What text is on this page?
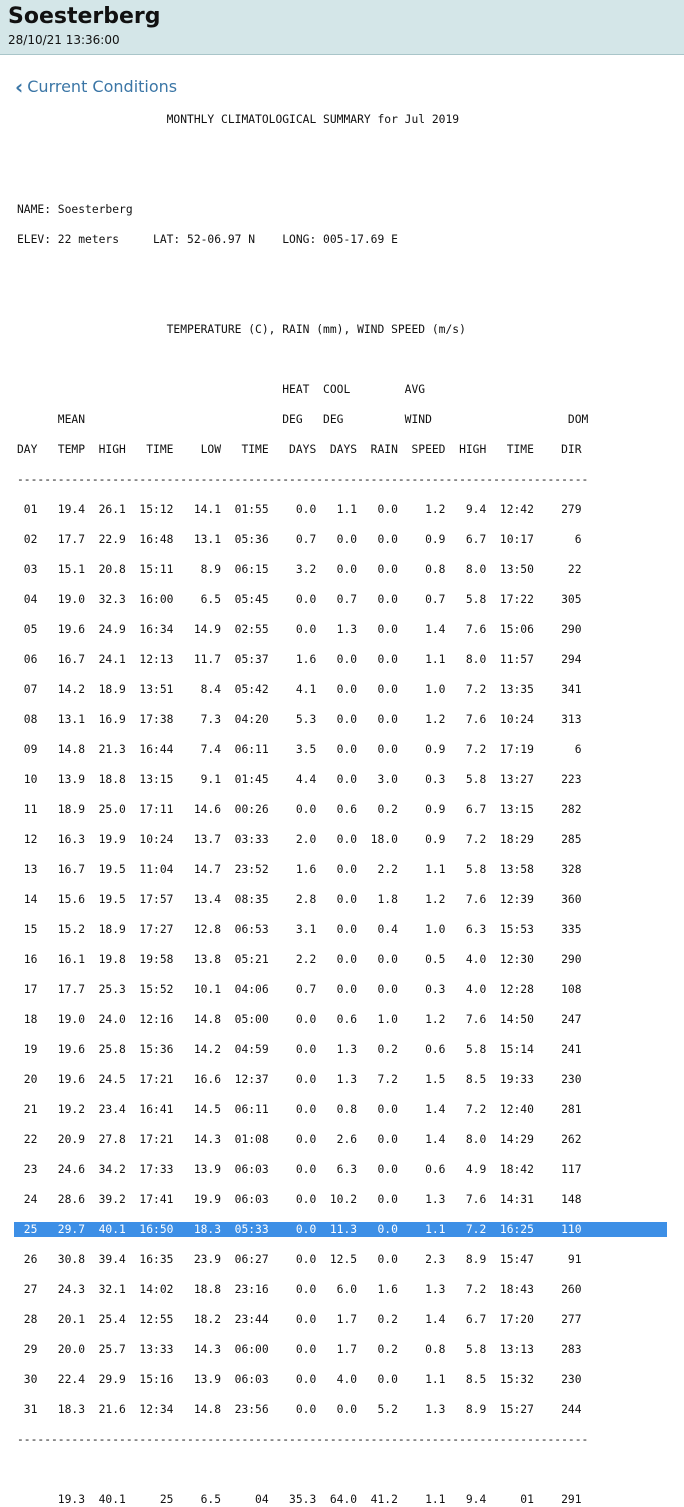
Soesterberg
28/10/21 13:36:00
‹ Current Conditions
MONTHLY CLIMATOLOGICAL SUMMARY for Jul 2019

NAME: Soesterberg

ELEV: 22 meters     LAT: 52-06.97 N    LONG: 005-17.69 E

TEMPERATURE (C), RAIN (mm), WIND SPEED (m/s)

HEAT  COOL        AVG

MEAN                             DEG   DEG         WIND                    DOM

DAY   TEMP  HIGH   TIME    LOW   TIME   DAYS  DAYS  RAIN  SPEED  HIGH   TIME    DIR

------------------------------------------------------------------------------------

01   19.4  26.1  15:12   14.1  01:55    0.0   1.1   0.0    1.2   9.4  12:42    279

02   17.7  22.9  16:48   13.1  05:36    0.7   0.0   0.0    0.9   6.7  10:17      6

03   15.1  20.8  15:11    8.9  06:15    3.2   0.0   0.0    0.8   8.0  13:50     22

04   19.0  32.3  16:00    6.5  05:45    0.0   0.7   0.0    0.7   5.8  17:22    305

05   19.6  24.9  16:34   14.9  02:55    0.0   1.3   0.0    1.4   7.6  15:06    290

06   16.7  24.1  12:13   11.7  05:37    1.6   0.0   0.0    1.1   8.0  11:57    294

07   14.2  18.9  13:51    8.4  05:42    4.1   0.0   0.0    1.0   7.2  13:35    341

08   13.1  16.9  17:38    7.3  04:20    5.3   0.0   0.0    1.2   7.6  10:24    313

09   14.8  21.3  16:44    7.4  06:11    3.5   0.0   0.0    0.9   7.2  17:19      6

10   13.9  18.8  13:15    9.1  01:45    4.4   0.0   3.0    0.3   5.8  13:27    223

11   18.9  25.0  17:11   14.6  00:26    0.0   0.6   0.2    0.9   6.7  13:15    282

12   16.3  19.9  10:24   13.7  03:33    2.0   0.0  18.0    0.9   7.2  18:29    285

13   16.7  19.5  11:04   14.7  23:52    1.6   0.0   2.2    1.1   5.8  13:58    328

14   15.6  19.5  17:57   13.4  08:35    2.8   0.0   1.8    1.2   7.6  12:39    360

15   15.2  18.9  17:27   12.8  06:53    3.1   0.0   0.4    1.0   6.3  15:53    335

16   16.1  19.8  19:58   13.8  05:21    2.2   0.0   0.0    0.5   4.0  12:30    290

17   17.7  25.3  15:52   10.1  04:06    0.7   0.0   0.0    0.3   4.0  12:28    108

18   19.0  24.0  12:16   14.8  05:00    0.0   0.6   1.0    1.2   7.6  14:50    247

19   19.6  25.8  15:36   14.2  04:59    0.0   1.3   0.2    0.6   5.8  15:14    241

20   19.6  24.5  17:21   16.6  12:37    0.0   1.3   7.2    1.5   8.5  19:33    230

21   19.2  23.4  16:41   14.5  06:11    0.0   0.8   0.0    1.4   7.2  12:40    281

22   20.9  27.8  17:21   14.3  01:08    0.0   2.6   0.0    1.4   8.0  14:29    262

23   24.6  34.2  17:33   13.9  06:03    0.0   6.3   0.0    0.6   4.9  18:42    117

24   28.6  39.2  17:41   19.9  06:03    0.0  10.2   0.0    1.3   7.6  14:31    148

25   29.7  40.1  16:50   18.3  05:33    0.0  11.3   0.0    1.1   7.2  16:25    110

26   30.8  39.4  16:35   23.9  06:27    0.0  12.5   0.0    2.3   8.9  15:47     91

27   24.3  32.1  14:02   18.8  23:16    0.0   6.0   1.6    1.3   7.2  18:43    260

28   20.1  25.4  12:55   18.2  23:44    0.0   1.7   0.2    1.4   6.7  17:20    277

29   20.0  25.7  13:33   14.3  06:00    0.0   1.7   0.2    0.8   5.8  13:13    283

30   22.4  29.9  15:16   13.9  06:03    0.0   4.0   0.0    1.1   8.5  15:32    230

31   18.3  21.6  12:34   14.8  23:56    0.0   0.0   5.2    1.3   8.9  15:27    244

------------------------------------------------------------------------------------

19.3  40.1     25    6.5     04   35.3  64.0  41.2    1.1   9.4     01    291
